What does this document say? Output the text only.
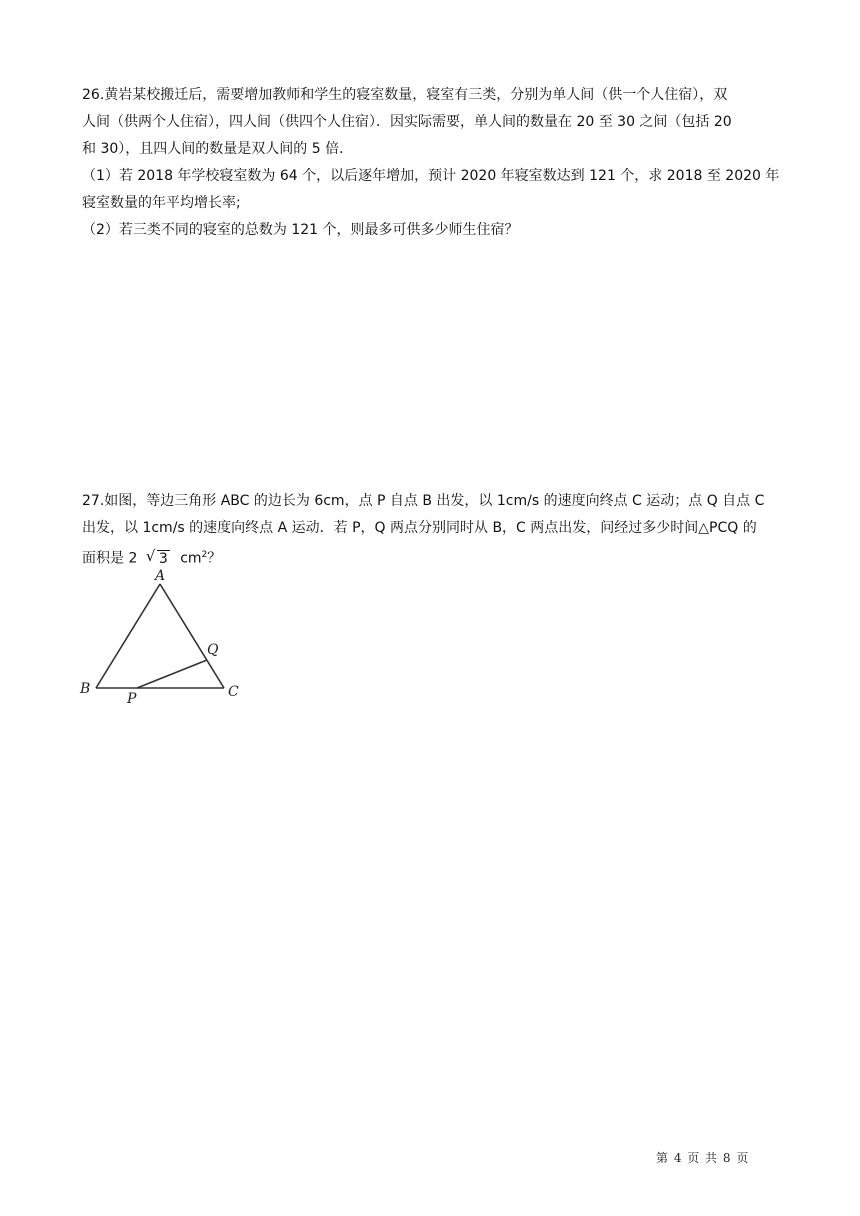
26.黄岩某校搬迁后，需要增加教师和学生的寝室数量，寝室有三类，分别为单人间（供一个人住宿），双
人间（供两个人住宿），四人间（供四个人住宿）．因实际需要，单人间的数量在 20 至 30 之间（包括 20
和 30），且四人间的数量是双人间的 5 倍．
（1）若 2018 年学校寝室数为 64 个，以后逐年增加，预计 2020 年寝室数达到 121 个，求 2018 至 2020 年
寝室数量的年平均增长率;
（2）若三类不同的寝室的总数为 121 个，则最多可供多少师生住宿？
27.如图，等边三角形 ABC 的边长为 6cm，点 P 自点 B 出发，以 1cm/s 的速度向终点 C 运动；点 Q 自点 C
出发，以 1cm/s 的速度向终点 A 运动．若 P，Q 两点分别同时从 B，C 两点出发，问经过多少时间△PCQ 的
面积是 2 √ 3 $cm^2$？
A
B	C
P
Q
第 4 页 共 8 页
